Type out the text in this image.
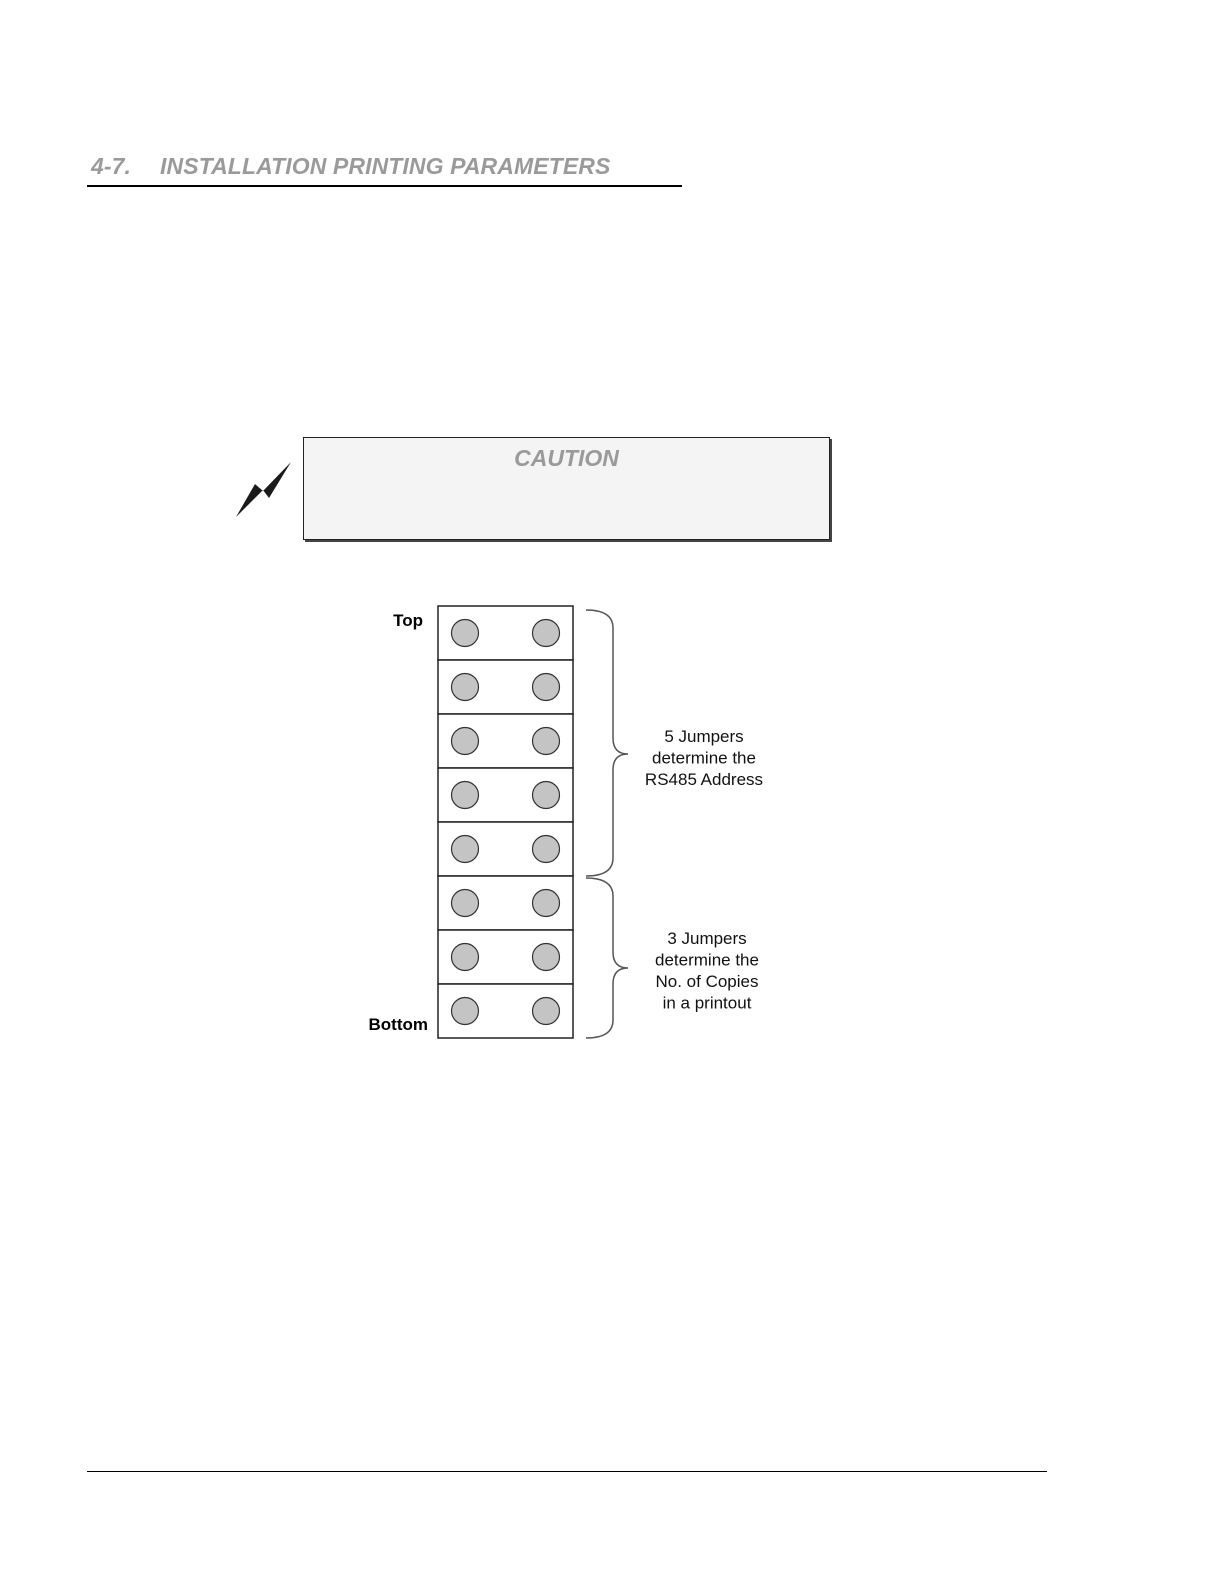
4-7. INSTALLATION PRINTING PARAMETERS
CAUTION
Top
Bottom
5 Jumpers
determine the
RS485 Address
3 Jumpers
determine the
No. of Copies
in a printout
